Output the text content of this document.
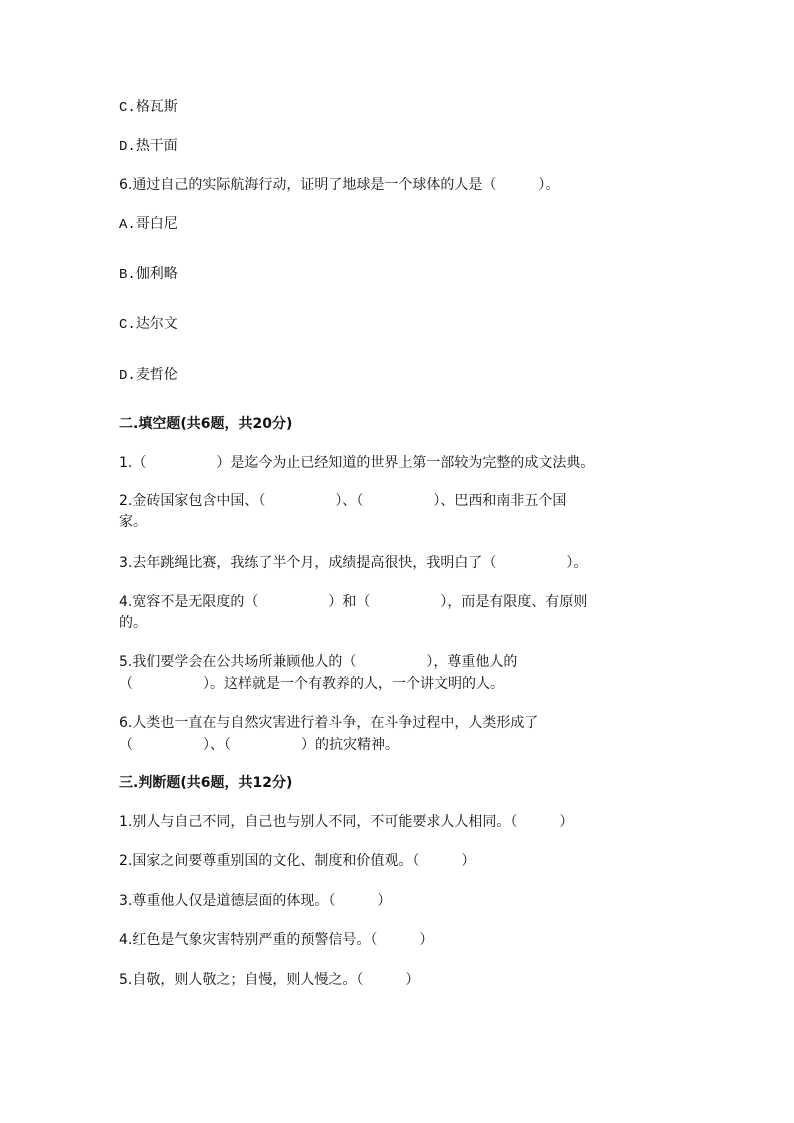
C.格瓦斯
D.热干面
6.通过自己的实际航海行动，证明了地球是一个球体的人是（　　　）。
A.哥白尼
B.伽利略
C.达尔文
D.麦哲伦
二.填空题(共6题，共20分)
1.（　　　　　）是迄今为止已经知道的世界上第一部较为完整的成文法典。
2.金砖国家包含中国、（　　　　　）、（　　　　　）、巴西和南非五个国
家。
3.去年跳绳比赛，我练了半个月，成绩提高很快，我明白了（　　　　　）。
4.宽容不是无限度的（　　　　　）和（　　　　　），而是有限度、有原则
的。
5.我们要学会在公共场所兼顾他人的（　　　　　），尊重他人的
（　　　　　）。这样就是一个有教养的人，一个讲文明的人。
6.人类也一直在与自然灾害进行着斗争，在斗争过程中，人类形成了
（　　　　　）、（　　　　　）的抗灾精神。
三.判断题(共6题，共12分)
1.别人与自己不同，自己也与别人不同，不可能要求人人相同。（　　　）
2.国家之间要尊重别国的文化、制度和价值观。（　　　）
3.尊重他人仅是道德层面的体现。（　　　）
4.红色是气象灾害特别严重的预警信号。（　　　）
5.自敬，则人敬之；自慢，则人慢之。（　　　）
